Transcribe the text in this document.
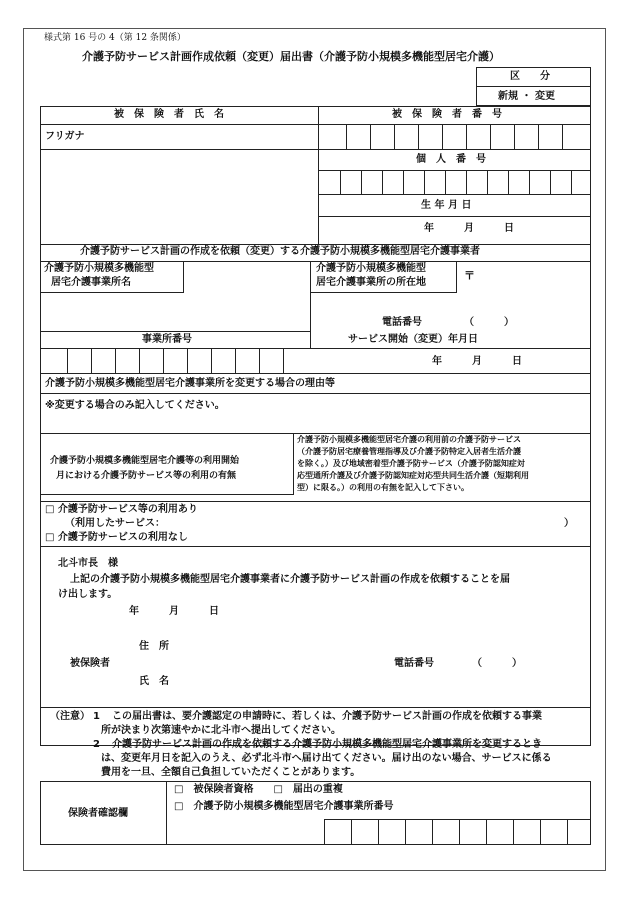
様式第 16 号の 4（第 12 条関係）
介護予防サービス計画作成依頼（変更）届出書（介護予防小規模多機能型居宅介護）
区　　分
新規 ・ 変更
被　保　険　者　氏　名	被　保　険　者　番　号
フリガナ
個　人　番　号
生 年 月 日
年　　　月　　　日
介護予防サービス計画の作成を依頼（変更）する介護予防小規模多機能型居宅介護事業者
介護予防小規模多機能型
居宅介護事業所名
介護予防小規模多機能型
居宅介護事業所の所在地
〒
電話番号	（　　　）
事業所番号	サービス開始（変更）年月日
年　　　月　　　日
介護予防小規模多機能型居宅介護事業所を変更する場合の理由等
※変更する場合のみ記入してください。
介護予防小規模多機能型居宅介護等の利用開始
月における介護予防サービス等の利用の有無
介護予防小規模多機能型居宅介護の利用前の介護予防サービス
（介護予防居宅療養管理指導及び介護予防特定入居者生活介護
を除く。）及び地域密着型介護予防サービス（介護予防認知症対
応型通所介護及び介護予防認知症対応型共同生活介護（短期利用
型）に限る。）の利用の有無を記入して下さい。
□ 介護予防サービス等の利用あり
（利用したサービス：	）
□ 介護予防サービスの利用なし
北斗市長　様
上記の介護予防小規模多機能型居宅介護事業者に介護予防サービス計画の作成を依頼することを届
け出します。
年　　　月　　　日
住　所
被保険者
氏　名
電話番号	（　　　）
（注意） 1 この届出書は、要介護認定の申請時に、若しくは、介護予防サービス計画の作成を依頼する事業
所が決まり次第速やかに北斗市へ提出してください。
2 介護予防サービス計画の作成を依頼する介護予防小規模多機能型居宅介護事業所を変更するとき
は、変更年月日を記入のうえ、必ず北斗市へ届け出てください。届け出のない場合、サービスに係る
費用を一旦、全額自己負担していただくことがあります。
保険者確認欄
□　被保険者資格　　□　届出の重複
□　介護予防小規模多機能型居宅介護事業所番号
